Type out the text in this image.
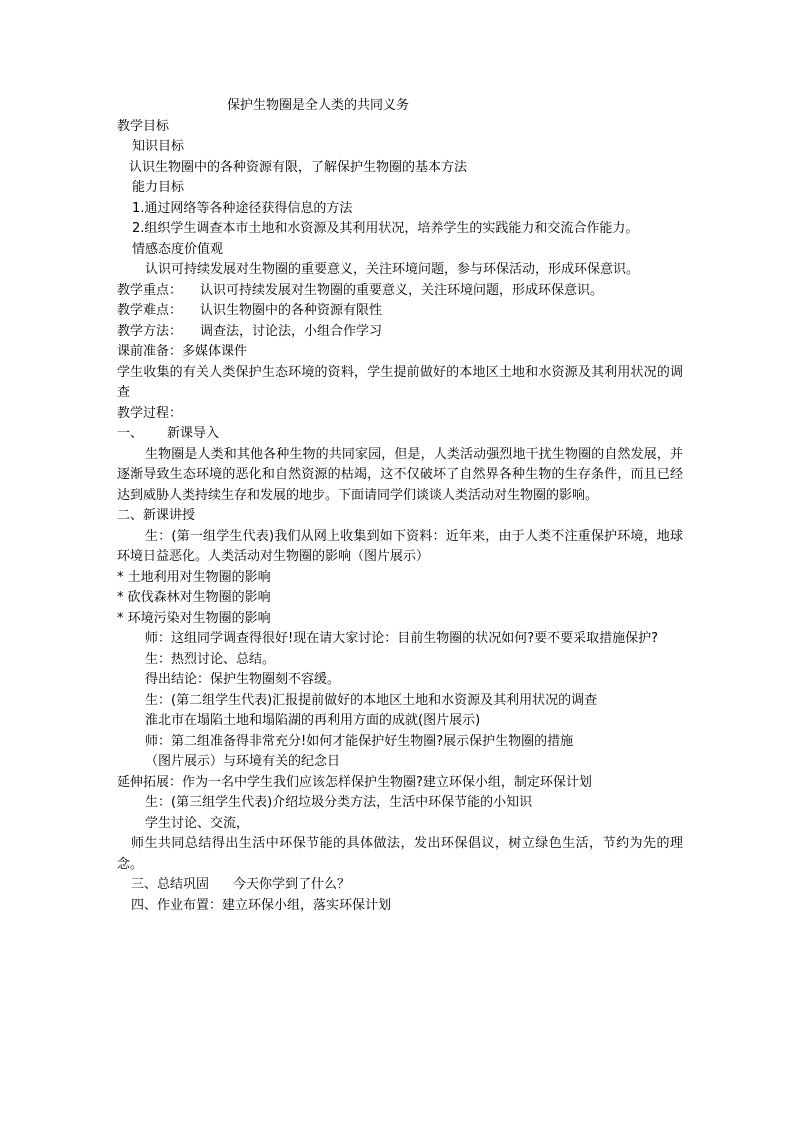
保护生物圈是全人类的共同义务
教学目标
知识目标
认识生物圈中的各种资源有限，了解保护生物圈的基本方法
能力目标
1.通过网络等各种途径获得信息的方法
2.组织学生调查本市土地和水资源及其利用状况，培养学生的实践能力和交流合作能力。
情感态度价值观
认识可持续发展对生物圈的重要意义，关注环境问题，参与环保活动，形成环保意识。
教学重点： 认识可持续发展对生物圈的重要意义，关注环境问题，形成环保意识。
教学难点： 认识生物圈中的各种资源有限性
教学方法： 调查法，讨论法，小组合作学习
课前准备：多媒体课件
学生收集的有关人类保护生态环境的资料，学生提前做好的本地区土地和水资源及其利用状况的调查
教学过程：
一、 新课导入
生物圈是人类和其他各种生物的共同家园，但是，人类活动强烈地干扰生物圈的自然发展，并逐渐导致生态环境的恶化和自然资源的枯竭，这不仅破坏了自然界各种生物的生存条件，而且已经达到威胁人类持续生存和发展的地步。下面请同学们谈谈人类活动对生物圈的影响。
二、新课讲授
生：(第一组学生代表)我们从网上收集到如下资料：近年来，由于人类不注重保护环境，地球环境日益恶化。人类活动对生物圈的影响（图片展示）
* 土地利用对生物圈的影响
* 砍伐森林对生物圈的影响
* 环境污染对生物圈的影响
师：这组同学调查得很好!现在请大家讨论：目前生物圈的状况如何?要不要采取措施保护?
生：热烈讨论、总结。
得出结论：保护生物圈刻不容缓。
生：(第二组学生代表)汇报提前做好的本地区土地和水资源及其利用状况的调查
淮北市在塌陷土地和塌陷湖的再利用方面的成就(图片展示)
师：第二组准备得非常充分!如何才能保护好生物圈?展示保护生物圈的措施
（图片展示）与环境有关的纪念日
延伸拓展：作为一名中学生我们应该怎样保护生物圈?建立环保小组，制定环保计划
生：(第三组学生代表)介绍垃圾分类方法，生活中环保节能的小知识
学生讨论、交流，
师生共同总结得出生活中环保节能的具体做法，发出环保倡议，树立绿色生活，节约为先的理念。
三、总结巩固 今天你学到了什么？
四、作业布置：建立环保小组，落实环保计划
